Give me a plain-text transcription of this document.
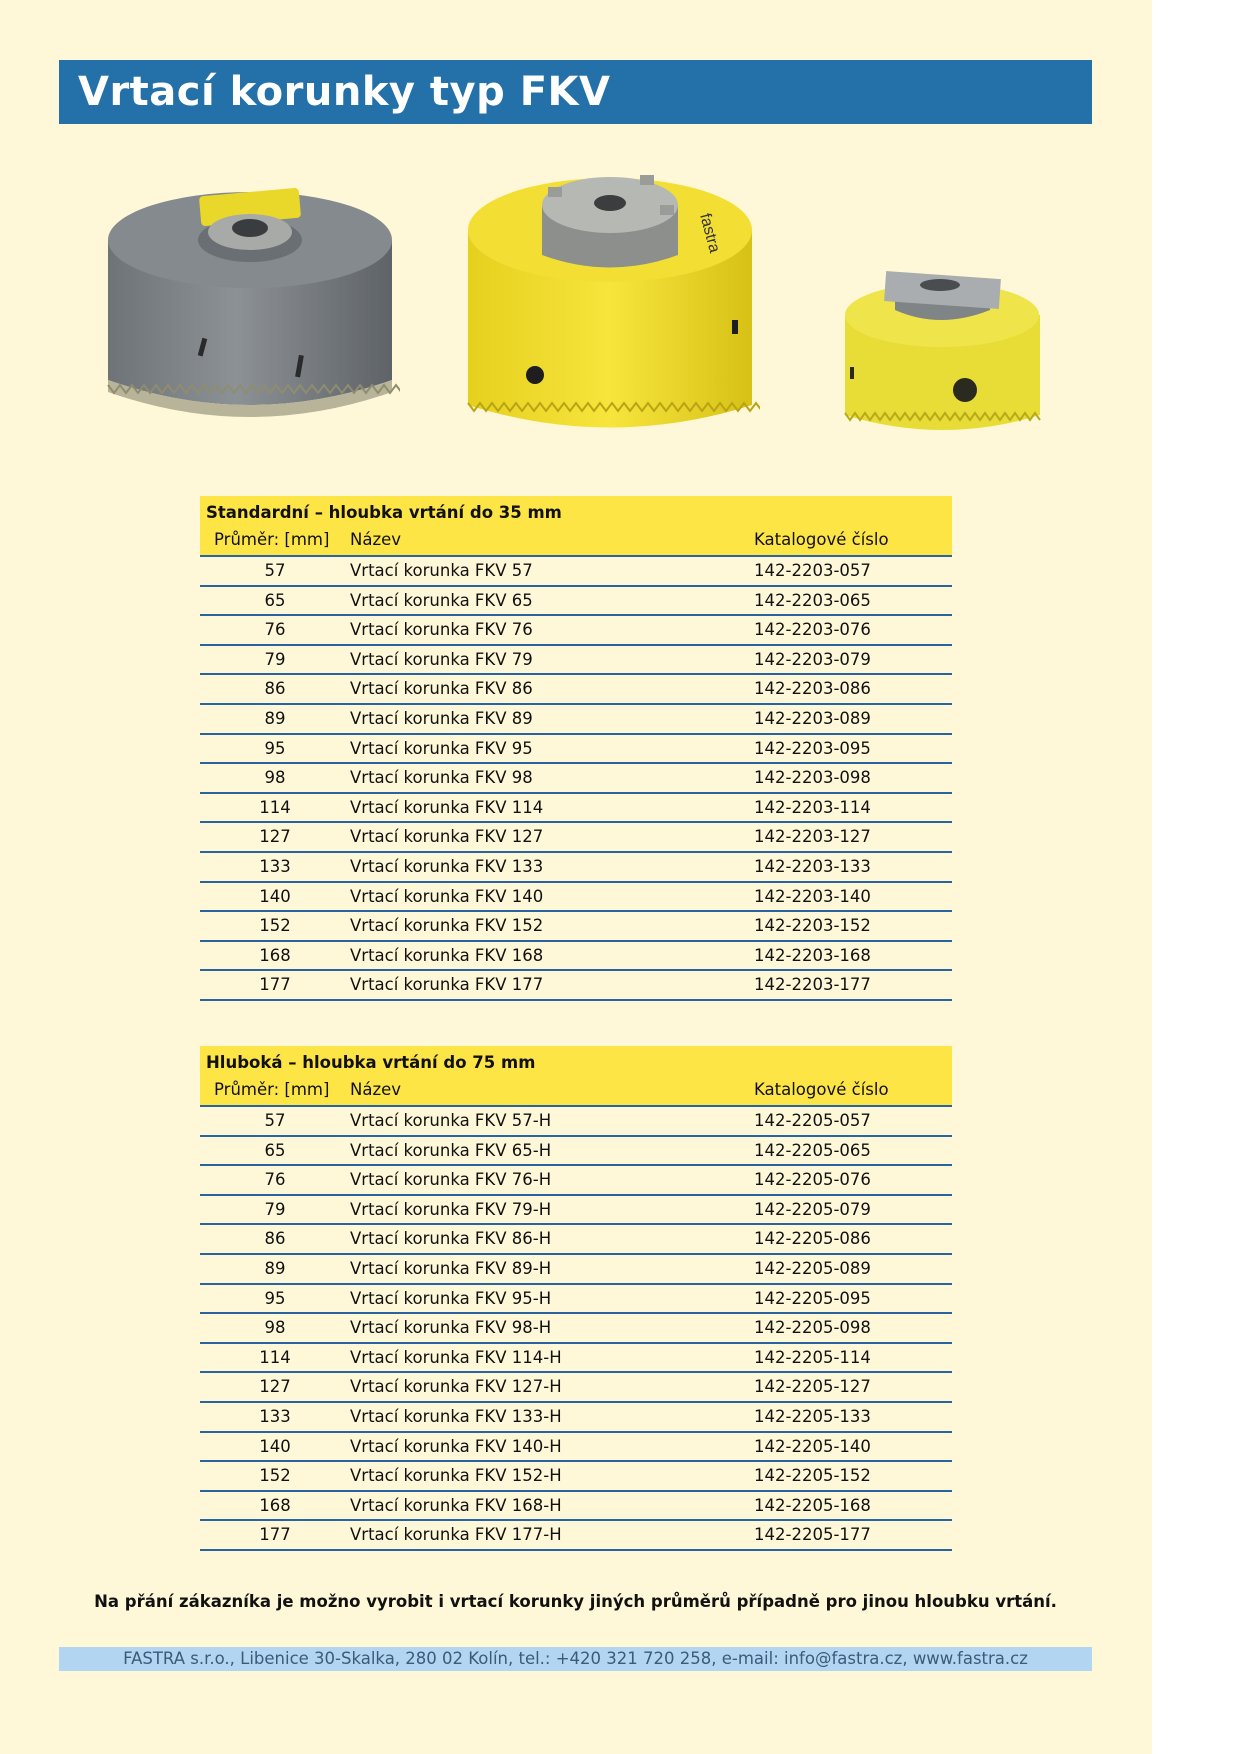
Vrtací korunky typ FKV
fastra
Standardní – hloubka vrtání do 35 mm
Průměr: [mm]	Název	Katalogové číslo
57	Vrtací korunka FKV 57	142-2203-057
65	Vrtací korunka FKV 65	142-2203-065
76	Vrtací korunka FKV 76	142-2203-076
79	Vrtací korunka FKV 79	142-2203-079
86	Vrtací korunka FKV 86	142-2203-086
89	Vrtací korunka FKV 89	142-2203-089
95	Vrtací korunka FKV 95	142-2203-095
98	Vrtací korunka FKV 98	142-2203-098
114	Vrtací korunka FKV 114	142-2203-114
127	Vrtací korunka FKV 127	142-2203-127
133	Vrtací korunka FKV 133	142-2203-133
140	Vrtací korunka FKV 140	142-2203-140
152	Vrtací korunka FKV 152	142-2203-152
168	Vrtací korunka FKV 168	142-2203-168
177	Vrtací korunka FKV 177	142-2203-177
Hluboká – hloubka vrtání do 75 mm
Průměr: [mm]	Název	Katalogové číslo
57	Vrtací korunka FKV 57-H	142-2205-057
65	Vrtací korunka FKV 65-H	142-2205-065
76	Vrtací korunka FKV 76-H	142-2205-076
79	Vrtací korunka FKV 79-H	142-2205-079
86	Vrtací korunka FKV 86-H	142-2205-086
89	Vrtací korunka FKV 89-H	142-2205-089
95	Vrtací korunka FKV 95-H	142-2205-095
98	Vrtací korunka FKV 98-H	142-2205-098
114	Vrtací korunka FKV 114-H	142-2205-114
127	Vrtací korunka FKV 127-H	142-2205-127
133	Vrtací korunka FKV 133-H	142-2205-133
140	Vrtací korunka FKV 140-H	142-2205-140
152	Vrtací korunka FKV 152-H	142-2205-152
168	Vrtací korunka FKV 168-H	142-2205-168
177	Vrtací korunka FKV 177-H	142-2205-177
Na přání zákazníka je možno vyrobit i vrtací korunky jiných průměrů případně pro jinou hloubku vrtání.
FASTRA s.r.o., Libenice 30-Skalka, 280 02 Kolín, tel.: +420 321 720 258, e-mail: info@fastra.cz, www.fastra.cz
